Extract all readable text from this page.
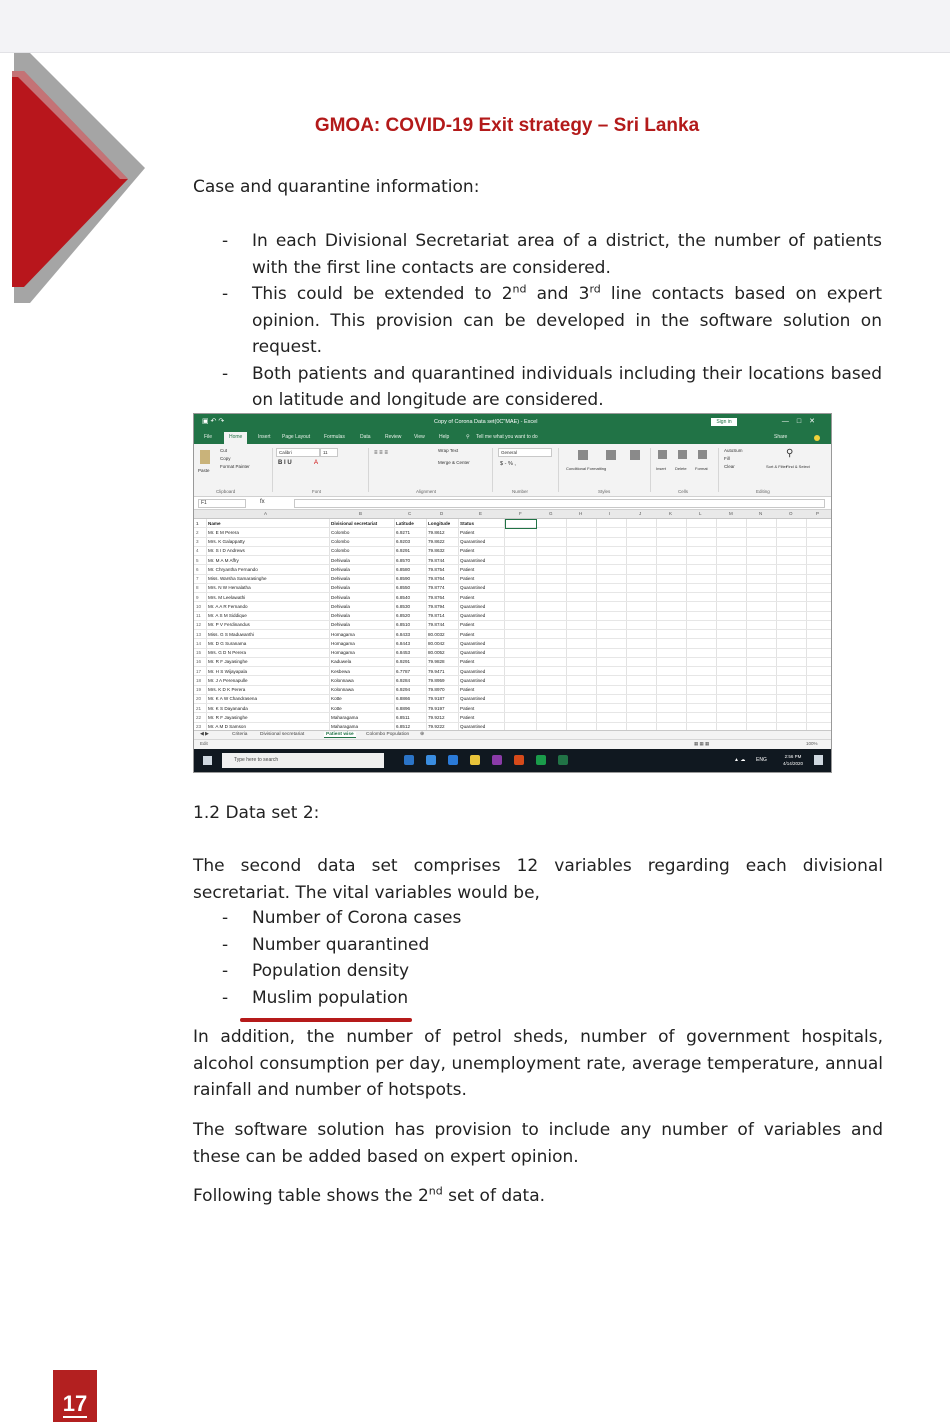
GMOA: COVID-19 Exit strategy – Sri Lanka
Case and quarantine information:
- In each Divisional Secretariat area of a district, the number of patients with the first line contacts are considered.
- This could be extended to 2nd and 3rd line contacts based on expert opinion. This provision can be developed in the software solution on request.
- Both patients and quarantined individuals including their locations based on latitude and longitude are considered.
▣ ↶ ↷	Copy of Corona Data set(0C"MAE) - Excel	Sign in	—□✕
File	Home	Insert Page Layout	Formulas	Data	Review	View	Help	⚲ Tell me what you want to do	Share
Paste
Cut
Copy
Format Painter
Clipboard
Calibri	11
B I U	A
Font
≡ ≡ ≡	Wrap Text
Merge & Center
Alignment
General
$ - % ,
Number
Conditional Formatting
Styles
Insert Delete Format
Cells
AutoSum
Fill
Clear	Sort & Filter
⚲
Find & Select
Editing
F1	fx
A	B	C	D	E	F	G	H	I	J	K	L	M	N	O	P
1	Name	Divisional secretariat	Latitude	Longitude Status
2	Mr. E M Perera	Colombo	6.9271	79.8612	Patient
3	Mrs. K Galappatty	Colombo	6.9203	79.8622	Quarantined
4	Mr. S I D Andrews	Colombo	6.9291	79.8632	Patient
5	Mr. M A M Affry	Dehiwala	6.8570	79.8744	Quarantined
6	Mr. Chryantha Fernando	Dehiwala	6.8580	79.8754	Patient
7	Miss. Warsha Samarasinghe	Dehiwala	6.8590	79.8764	Patient
8	Mrs. N W Hemalatha	Dehiwala	6.8550	79.8774	Quarantined
9	Mrs. M Leelawathi	Dehiwala	6.8540	79.8764	Patient
10	Mr. A A R Fernando	Dehiwala	6.8530	79.8794	Quarantined
11	Mr. A S M Siddique	Dehiwala	6.8520	79.8714	Quarantined
12	Mr. P V Ferdinandus	Dehiwala	6.8510	79.8744	Patient
13	Miss. G S Maduwanthi	Homagama	6.8433	80.0032	Patient
14	Mr. D G Suranama	Homagama	6.8443	80.0042	Quarantined
15	Mrs. G D N Perera	Homagama	6.8453	80.0052	Quarantined
16	Mr. R F Jayasinghe	Kaduwela	6.9291	79.9828	Patient
17	Mr. H S Wijayapala	Kesbewa	6.7787	79.9471	Quarantined
18	Mr. J A Perenapulle	Kolonnawa	6.9284	79.8959	Quarantined
19	Mrs. K D K Perera	Kolonnawa	6.9294	79.8970	Patient
20	Mr. K A W Chandrasena	Kotte	6.8866	79.9187	Quarantined
21	Mr. K S Dayananda	Kotte	6.8896	79.9197	Patient
22	Mr. R F Jayasinghe	Maharagama	6.8511	79.9212	Patient
23	Mr. A M D Samson	Maharagama	6.8512	79.9222	Quarantined
◀ ▶	Criteria	Divisional secretariat	Patient wise	Colombo Population ⊕
Edit	▦ ▦ ▦	100%
Type here to search	▲ ☁ ENG
2:56 PM
4/14/2020
1.2 Data set 2:

The second data set comprises 12 variables regarding each divisional secretariat. The vital variables would be,

- Number of Corona cases
- Number quarantined
- Population density
- Muslim population

In addition, the number of petrol sheds, number of government hospitals, alcohol consumption per day, unemployment rate, average temperature, annual rainfall and number of hotspots.

The software solution has provision to include any number of variables and these can be added based on expert opinion.

Following table shows the 2nd set of data.

17
